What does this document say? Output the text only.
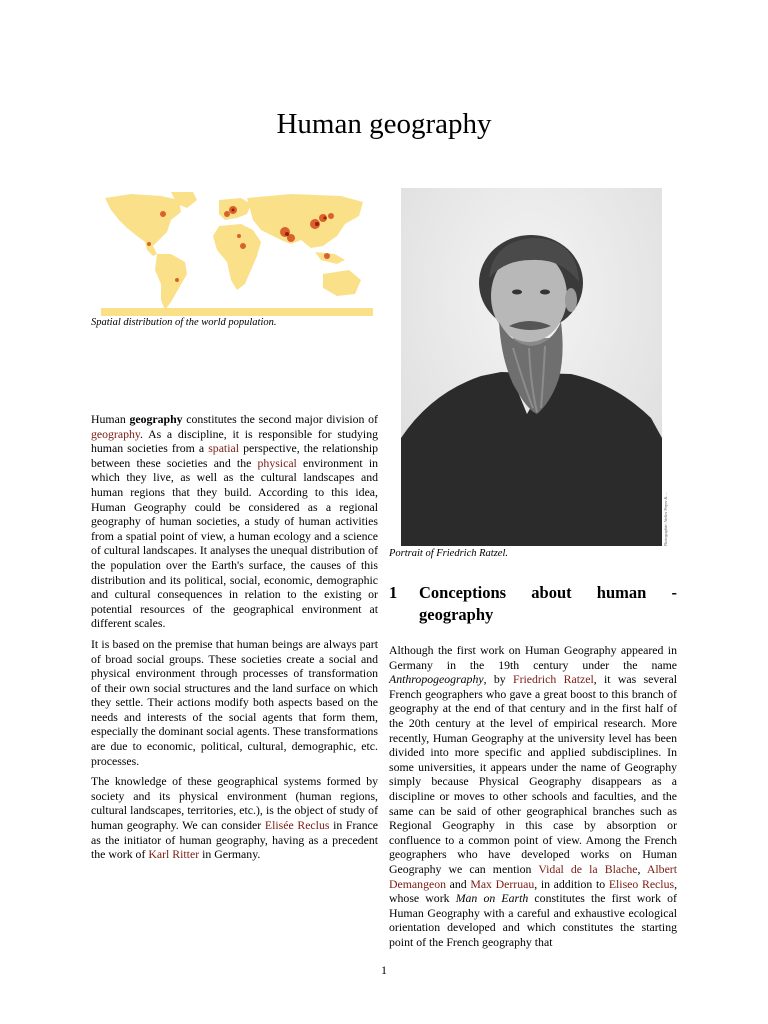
Human geography
Spatial distribution of the world population.

Human geography constitutes the second major division of geography. As a discipline, it is responsible for studying human societies from a spatial perspective, the relationship between these societies and the physical environment in which they live, as well as the cultural landscapes and human regions that they build. According to this idea, Human Geography could be considered as a regional geography of human societies, a study of human activities from a spatial point of view, a human ecology and a science of cultural landscapes. It analyses the unequal distribution of the population over the Earth's surface, the causes of this distribution and its political, social, economic, demographic and cultural consequences in relation to the existing or potential resources of the geographical environment at different scales.

It is based on the premise that human beings are always part of broad social groups. These societies create a social and physical environment through processes of transformation of their own social structures and the land surface on which they settle. Their actions modify both aspects based on the needs and interests of the social agents that form them, especially the dominant social agents. These transformations are due to economic, political, cultural, demographic, etc. processes.

The knowledge of these geographical systems formed by society and its physical environment (human regions, cultural landscapes, territories, etc.), is the object of study of human geography. We can consider Elisée Reclus in France as the initiator of human geography, having as a precedent the work of Karl Ritter in Germany.

Photographie: Atelier Pieper & ...
Portrait of Friedrich Ratzel.
1	Conceptions about human -
geography

Although the first work on Human Geography appeared in Germany in the 19th century under the name Anthropogeography, by Friedrich Ratzel, it was several French geographers who gave a great boost to this branch of geography at the end of that century and in the first half of the 20th century at the level of empirical research. More recently, Human Geography at the university level has been divided into more specific and applied subdisciplines. In some universities, it appears under the name of Geography simply because Physical Geography disappears as a discipline or moves to other schools and faculties, and the same can be said of other geographical branches such as Regional Geography in this case by absorption or confluence to a common point of view. Among the French geographers who have developed works on Human Geography we can mention Vidal de la Blache, Albert Demangeon and Max Derruau, in addition to Eliseo Reclus, whose work Man on Earth constitutes the first work of Human Geography with a careful and exhaustive ecological orientation developed and which constitutes the starting point of the French geography that

1
